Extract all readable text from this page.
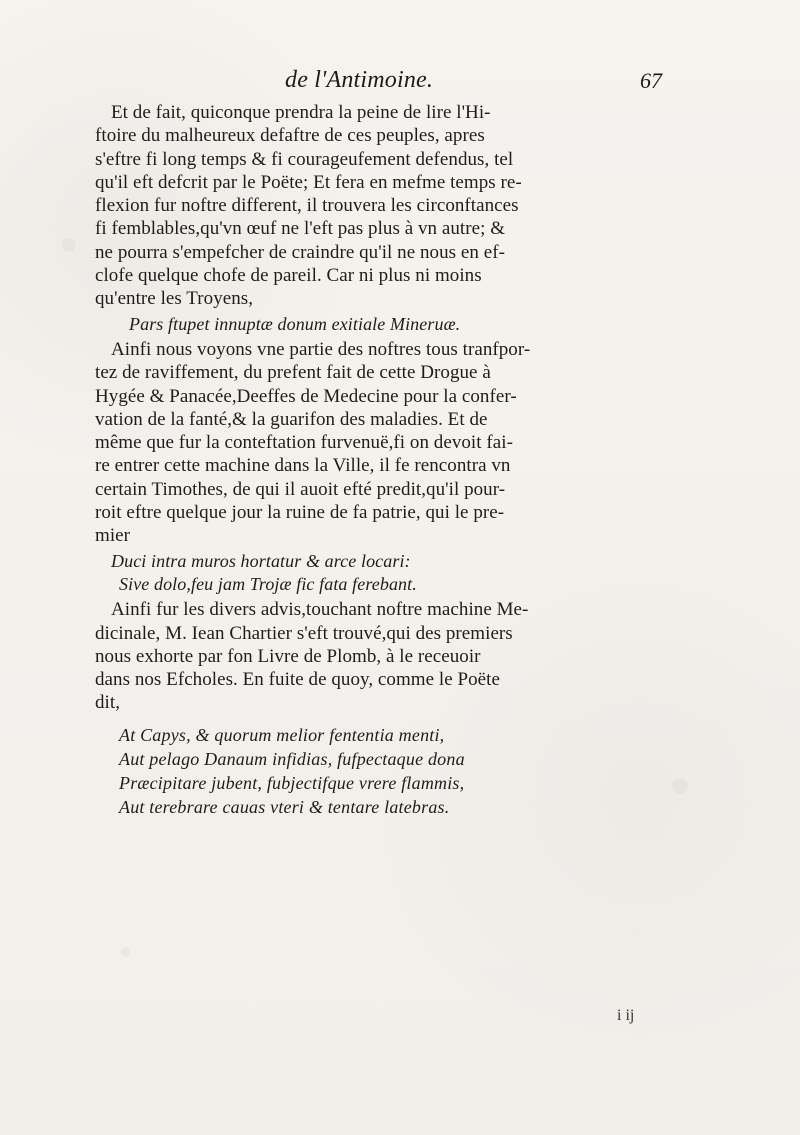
de l'Antimoine.	67
Et de fait, quiconque prendra la peine de lire l'Hi-
ftoire du malheureux defaftre de ces peuples, apres
s'eftre fi long temps & fi courageufement defendus, tel
qu'il eft defcrit par le Poëte; Et fera en mefme temps re-
flexion fur noftre different, il trouvera les circonftances
fi femblables,qu'vn œuf ne l'eft pas plus à vn autre; &
ne pourra s'empefcher de craindre qu'il ne nous en ef-
clofe quelque chofe de pareil. Car ni plus ni moins
qu'entre les Troyens,
Pars ftupet innuptæ donum exitiale Mineruæ.
Ainfi nous voyons vne partie des noftres tous tranfpor-
tez de raviffement, du prefent fait de cette Drogue à
Hygée & Panacée,Deeffes de Medecine pour la confer-
vation de la fanté,& la guarifon des maladies. Et de
même que fur la conteftation furvenuë,fi on devoit fai-
re entrer cette machine dans la Ville, il fe rencontra vn
certain Timothes, de qui il auoit efté predit,qu'il pour-
roit eftre quelque jour la ruine de fa patrie, qui le pre-
mier
Duci intra muros hortatur & arce locari:
Sive dolo,feu jam Trojæ fic fata ferebant.
Ainfi fur les divers advis,touchant noftre machine Me-
dicinale, M. Iean Chartier s'eft trouvé,qui des premiers
nous exhorte par fon Livre de Plomb, à le receuoir
dans nos Efcholes. En fuite de quoy, comme le Poëte
dit,
At Capys, & quorum melior fententia menti,
Aut pelago Danaum infidias, fufpectaque dona
Præcipitare jubent, fubjectifque vrere flammis,
Aut terebrare cauas vteri & tentare latebras.
i ij
